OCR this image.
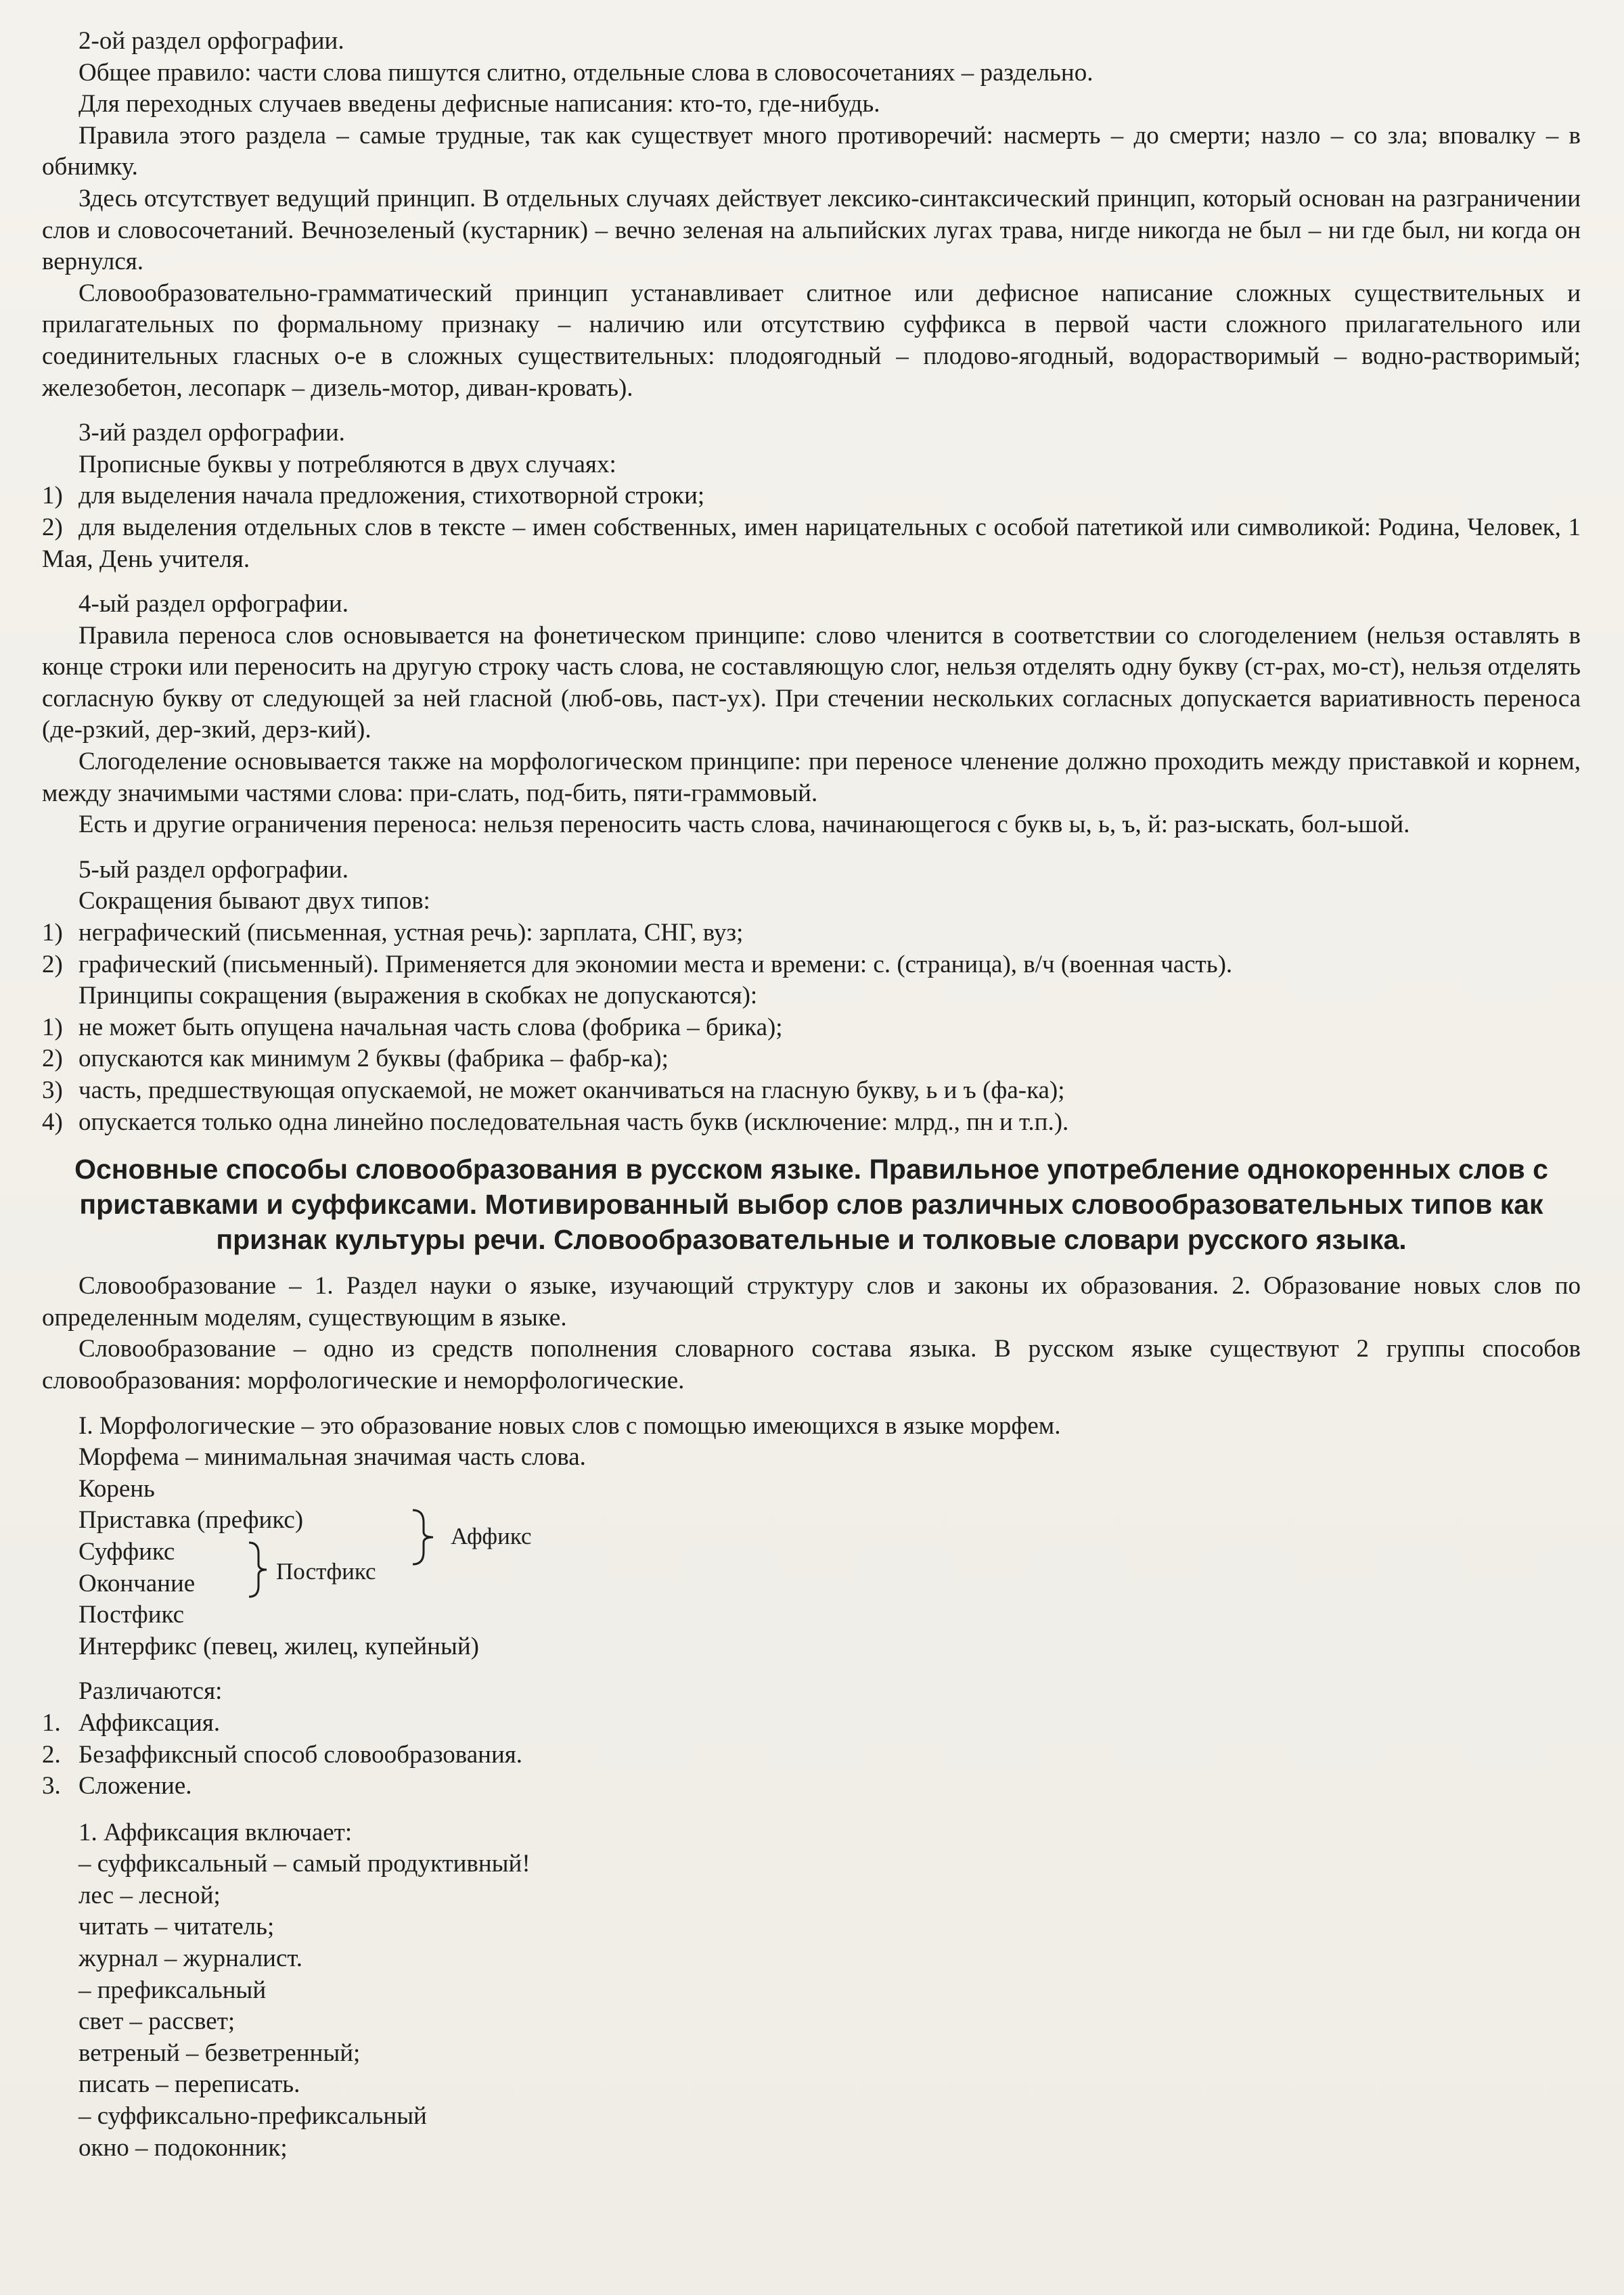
2-ой раздел орфографии.

Общее правило: части слова пишутся слитно, отдельные слова в словосочетаниях – раздельно.

Для переходных случаев введены дефисные написания: кто-то, где-нибудь.

Правила этого раздела – самые трудные, так как существует много противоречий: насмерть – до смерти; назло – со зла; вповалку – в обнимку.

Здесь отсутствует ведущий принцип. В отдельных случаях действует лексико-синтаксический принцип, который основан на разграничении слов и словосочетаний. Вечнозеленый (кустарник) – вечно зеленая на альпийских лугах трава, нигде никогда не был – ни где был, ни когда он вернулся.

Словообразовательно-грамматический принцип устанавливает слитное или дефисное написание сложных существительных и прилагательных по формальному признаку – наличию или отсутствию суффикса в первой части сложного прилагательного или соединительных гласных о-е в сложных существительных: плодоягодный – плодово-ягодный, водорастворимый – водно-растворимый; железобетон, лесопарк – дизель-мотор, диван-кровать).

3-ий раздел орфографии.

Прописные буквы у потребляются в двух случаях:

1) для выделения начала предложения, стихотворной строки;

2) для выделения отдельных слов в тексте – имен собственных, имен нарицательных с особой патетикой или символикой: Родина, Человек, 1 Мая, День учителя.

4-ый раздел орфографии.

Правила переноса слов основывается на фонетическом принципе: слово членится в соответствии со слогоделением (нельзя оставлять в конце строки или переносить на другую строку часть слова, не составляющую слог, нельзя отделять одну букву (ст-рах, мо-ст), нельзя отделять согласную букву от следующей за ней гласной (люб-овь, паст-ух). При стечении нескольких согласных допускается вариативность переноса (де-рзкий, дер-зкий, дерз-кий).

Слогоделение основывается также на морфологическом принципе: при переносе членение должно проходить между приставкой и корнем, между значимыми частями слова: при-слать, под-бить, пяти-граммовый.

Есть и другие ограничения переноса: нельзя переносить часть слова, начинающегося с букв ы, ь, ъ, й: раз-ыскать, бол-ьшой.

5-ый раздел орфографии.

Сокращения бывают двух типов:

1) неграфический (письменная, устная речь): зарплата, СНГ, вуз;

2) графический (письменный). Применяется для экономии места и времени: с. (страница), в/ч (военная часть).

Принципы сокращения (выражения в скобках не допускаются):

1) не может быть опущена начальная часть слова (фобрика – брика);

2) опускаются как минимум 2 буквы (фабрика – фабр-ка);

3) часть, предшествующая опускаемой, не может оканчиваться на гласную букву, ь и ъ (фа-ка);

4) опускается только одна линейно последовательная часть букв (исключение: млрд., пн и т.п.).

Основные способы словообразования в русском языке. Правильное употребление однокоренных слов с приставками и суффиксами. Мотивированный выбор слов различных словообразовательных типов как признак культуры речи. Словообразовательные и толковые словари русского языка.

Словообразование – 1. Раздел науки о языке, изучающий структуру слов и законы их образования. 2. Образование новых слов по определенным моделям, существующим в языке.

Словообразование – одно из средств пополнения словарного состава языка. В русском языке существуют 2 группы способов словообразования: морфологические и неморфологические.

I. Морфологические – это образование новых слов с помощью имеющихся в языке морфем.

Морфема – минимальная значимая часть слова.

Корень

Приставка (префикс)

Суффикс

Окончание

Постфикс

Интерфикс (певец, жилец, купейный)

Аффикс
Постфикс

Различаются:

1. Аффиксация.

2. Безаффиксный способ словообразования.

3. Сложение.

1. Аффиксация включает:

– суффиксальный – самый продуктивный!

лес – лесной;

читать – читатель;

журнал – журналист.

– префиксальный

свет – рассвет;

ветреный – безветренный;

писать – переписать.

– суффиксально-префиксальный

окно – подоконник;
